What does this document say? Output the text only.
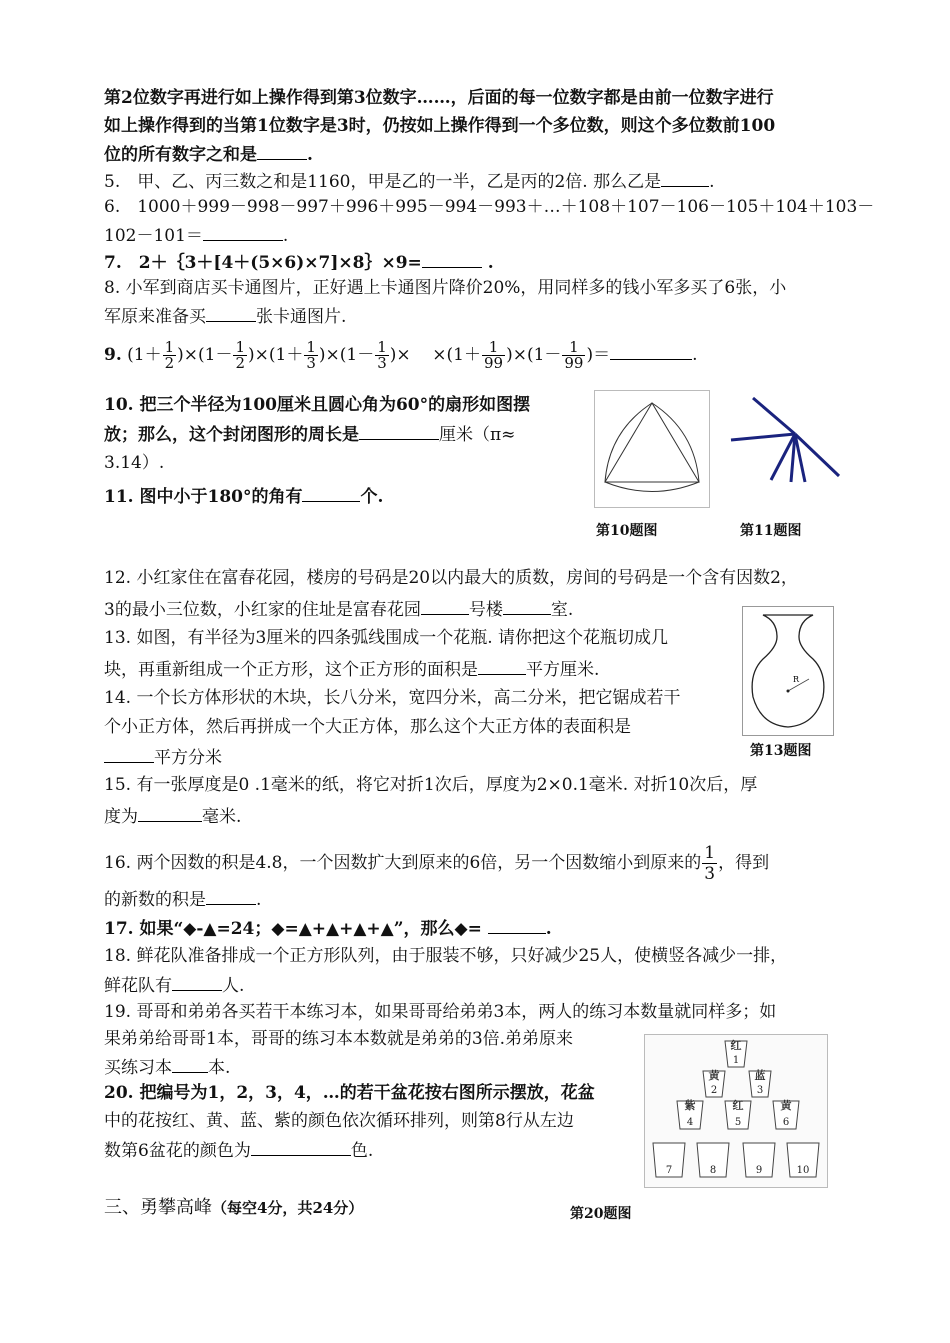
第2位数字再进行如上操作得到第3位数字……，后面的每一位数字都是由前一位数字进行
如上操作得到的当第1位数字是3时，仍按如上操作得到一个多位数，则这个多位数前100
位的所有数字之和是	.
5.　甲、乙、丙三数之和是1160，甲是乙的一半，乙是丙的2倍. 那么乙是	.
6.　1000＋999－998－997＋996＋995－994－993＋…＋108＋107－106－105＋104＋103－
102－101＝	.
7.　2＋｛3＋[4＋(5×6)×7]×8｝×9=	.
8. 小军到商店买卡通图片，正好遇上卡通图片降价20%，用同样多的钱小军多买了6张，小
军原来准备买	张卡通图片.
9. $(1+ \frac{1}{2} )\times(1- \frac{1}{2} )\times(1+ \frac{1}{3} )\times(1- \frac{1}{3}$ )×    $\times(1+ \frac{1}{99} )\times(1- \frac{1}{99}$ )＝	.
10. 把三个半径为100厘米且圆心角为60°的扇形如图摆
放；那么，这个封闭图形的周长是	厘米（π≈
3.14）.
11. 图中小于180°的角有	个.
第10题图	第11题图
12. 小红家住在富春花园，楼房的号码是20以内最大的质数，房间的号码是一个含有因数2，
3的最小三位数，小红家的住址是富春花园	号楼	室.
13. 如图，有半径为3厘米的四条弧线围成一个花瓶. 请你把这个花瓶切成几
块，再重新组成一个正方形，这个正方形的面积是	平方厘米.	R
第13题图
14. 一个长方体形状的木块，长八分米，宽四分米，高二分米，把它锯成若干
个小正方体，然后再拼成一个大正方体，那么这个大正方体的表面积是
平方分米
15. 有一张厚度是0 .1毫米的纸，将它对折1次后，厚度为2×0.1毫米. 对折10次后，厚
度为	毫米.
16. 两个因数的积是4.8，一个因数扩大到原来的6倍，另一个因数缩小到原来的 $\frac{1}{3}$ ，得到
的新数的积是	.
17. 如果“◆-▲=24；◆=▲+▲+▲+▲”，那么◆=	.
18. 鲜花队准备排成一个正方形队列，由于服装不够，只好减少25人，使横竖各减少一排，
鲜花队有	人.
19. 哥哥和弟弟各买若干本练习本，如果哥哥给弟弟3本，两人的练习本数量就同样多；如
果弟弟给哥哥1本，哥哥的练习本本数就是弟弟的3倍.弟弟原来
买练习本 本.
20. 把编号为1，2，3，4，…的若干盆花按右图所示摆放，花盆
中的花按红、黄、蓝、紫的颜色依次循环排列，则第8行从左边
数第6盆花的颜色为	色.
红
黄	蓝
紫	红	黄
1
2	3
4	5	6
7	8	9	10
第20题图
三、勇攀高峰（每空4分，共24分）
